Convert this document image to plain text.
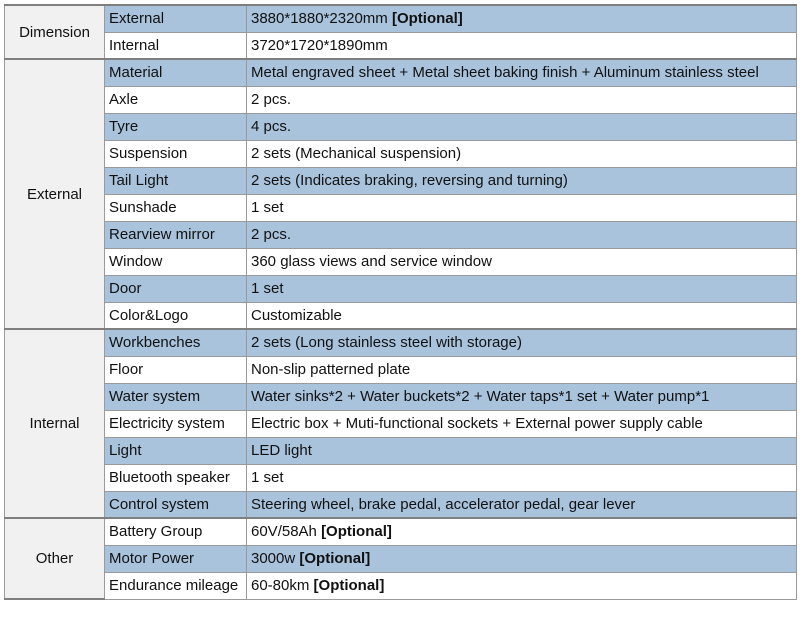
Dimension	External	3880*1880*2320mm [Optional]
	Internal	3720*1720*1890mm
External	Material	Metal engraved sheet + Metal sheet baking finish + Aluminum stainless steel
	Axle	2 pcs.
	Tyre	4 pcs.
	Suspension	2 sets (Mechanical suspension)
	Tail Light	2 sets (Indicates braking, reversing and turning)
	Sunshade	1 set
	Rearview mirror	2 pcs.
	Window	360 glass views and service window
	Door	1 set
	Color&Logo	Customizable
Internal	Workbenches	2 sets (Long stainless steel with storage)
	Floor	Non-slip patterned plate
	Water system	Water sinks*2 + Water buckets*2 + Water taps*1 set + Water pump*1
	Electricity system	Electric box + Muti-functional sockets + External power supply cable
	Light	LED light
	Bluetooth speaker	1 set
	Control system	Steering wheel, brake pedal, accelerator pedal, gear lever
Other	Battery Group	60V/58Ah [Optional]
	Motor Power	3000w [Optional]
	Endurance mileage	60-80km [Optional]
